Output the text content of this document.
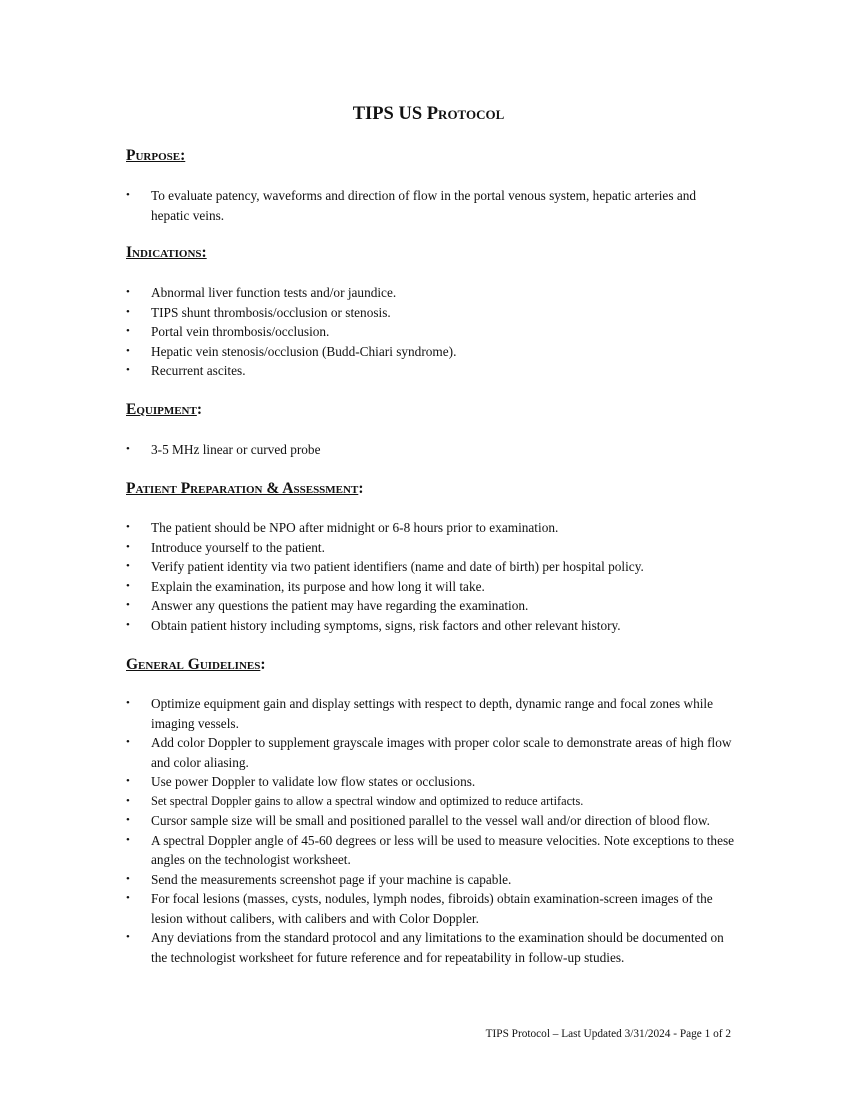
TIPS US Protocol
Purpose:
•	To evaluate patency, waveforms and direction of flow in the portal venous system, hepatic arteries and hepatic veins.
Indications:
•	Abnormal liver function tests and/or jaundice.
•	TIPS shunt thrombosis/occlusion or stenosis.
•	Portal vein thrombosis/occlusion.
•	Hepatic vein stenosis/occlusion (Budd-Chiari syndrome).
•	Recurrent ascites.
Equipment:
•	3-5 MHz linear or curved probe
Patient Preparation & Assessment:
•	The patient should be NPO after midnight or 6-8 hours prior to examination.
•	Introduce yourself to the patient.
•	Verify patient identity via two patient identifiers (name and date of birth) per hospital policy.
•	Explain the examination, its purpose and how long it will take.
•	Answer any questions the patient may have regarding the examination.
•	Obtain patient history including symptoms, signs, risk factors and other relevant history.
General Guidelines:
•	Optimize equipment gain and display settings with respect to depth, dynamic range and focal zones while imaging vessels.
•	Add color Doppler to supplement grayscale images with proper color scale to demonstrate areas of high flow and color aliasing.
•	Use power Doppler to validate low flow states or occlusions.
•	Set spectral Doppler gains to allow a spectral window and optimized to reduce artifacts.
•	Cursor sample size will be small and positioned parallel to the vessel wall and/or direction of blood flow.
•	A spectral Doppler angle of 45-60 degrees or less will be used to measure velocities. Note exceptions to these angles on the technologist worksheet.
•	Send the measurements screenshot page if your machine is capable.
•	For focal lesions (masses, cysts, nodules, lymph nodes, fibroids) obtain examination-screen images of the lesion without calibers, with calibers and with Color Doppler.
•	Any deviations from the standard protocol and any limitations to the examination should be documented on the technologist worksheet for future reference and for repeatability in follow-up studies.
TIPS Protocol – Last Updated 3/31/2024 - Page 1 of 2
